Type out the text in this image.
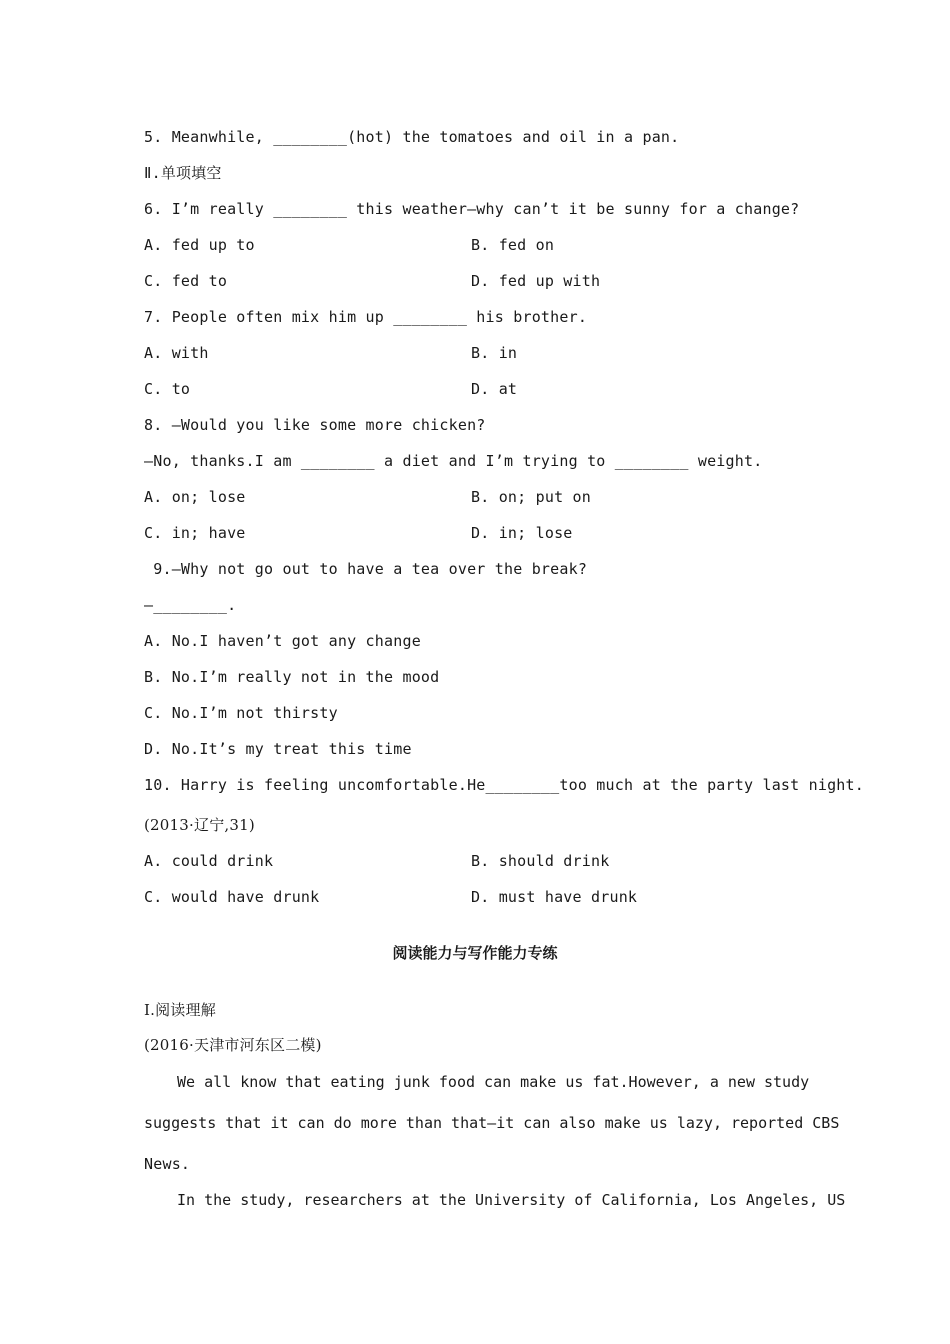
5. Meanwhile, ________(hot) the tomatoes and oil in a pan.
Ⅱ.单项填空
6. I’m really ________ this weather—why can’t it be sunny for a change?
A. fed up to	B. fed on
C. fed to	D. fed up with
7. People often mix him up ________ his brother.
A. with	B. in
C. to	D. at
8. —Would you like some more chicken?
—No, thanks.I am ________ a diet and I’m trying to ________ weight.
A. on; lose	B. on; put on
C. in; have	D. in; lose
9.—Why not go out to have a tea over the break?
—________.
A. No.I haven’t got any change
B. No.I’m really not in the mood
C. No.I’m not thirsty
D. No.It’s my treat this time
10. Harry is feeling uncomfortable.He________too much at the party last night.
(2013·辽宁,31)
A. could drink	B. should drink
C. would have drunk	D. must have drunk
阅读能力与写作能力专练
Ⅰ.阅读理解
(2016·天津市河东区二模)
We all know that eating junk food can make us fat.However, a new study
suggests that it can do more than that—it can also make us lazy, reported CBS
News.
In the study, researchers at the University of California, Los Angeles, US
